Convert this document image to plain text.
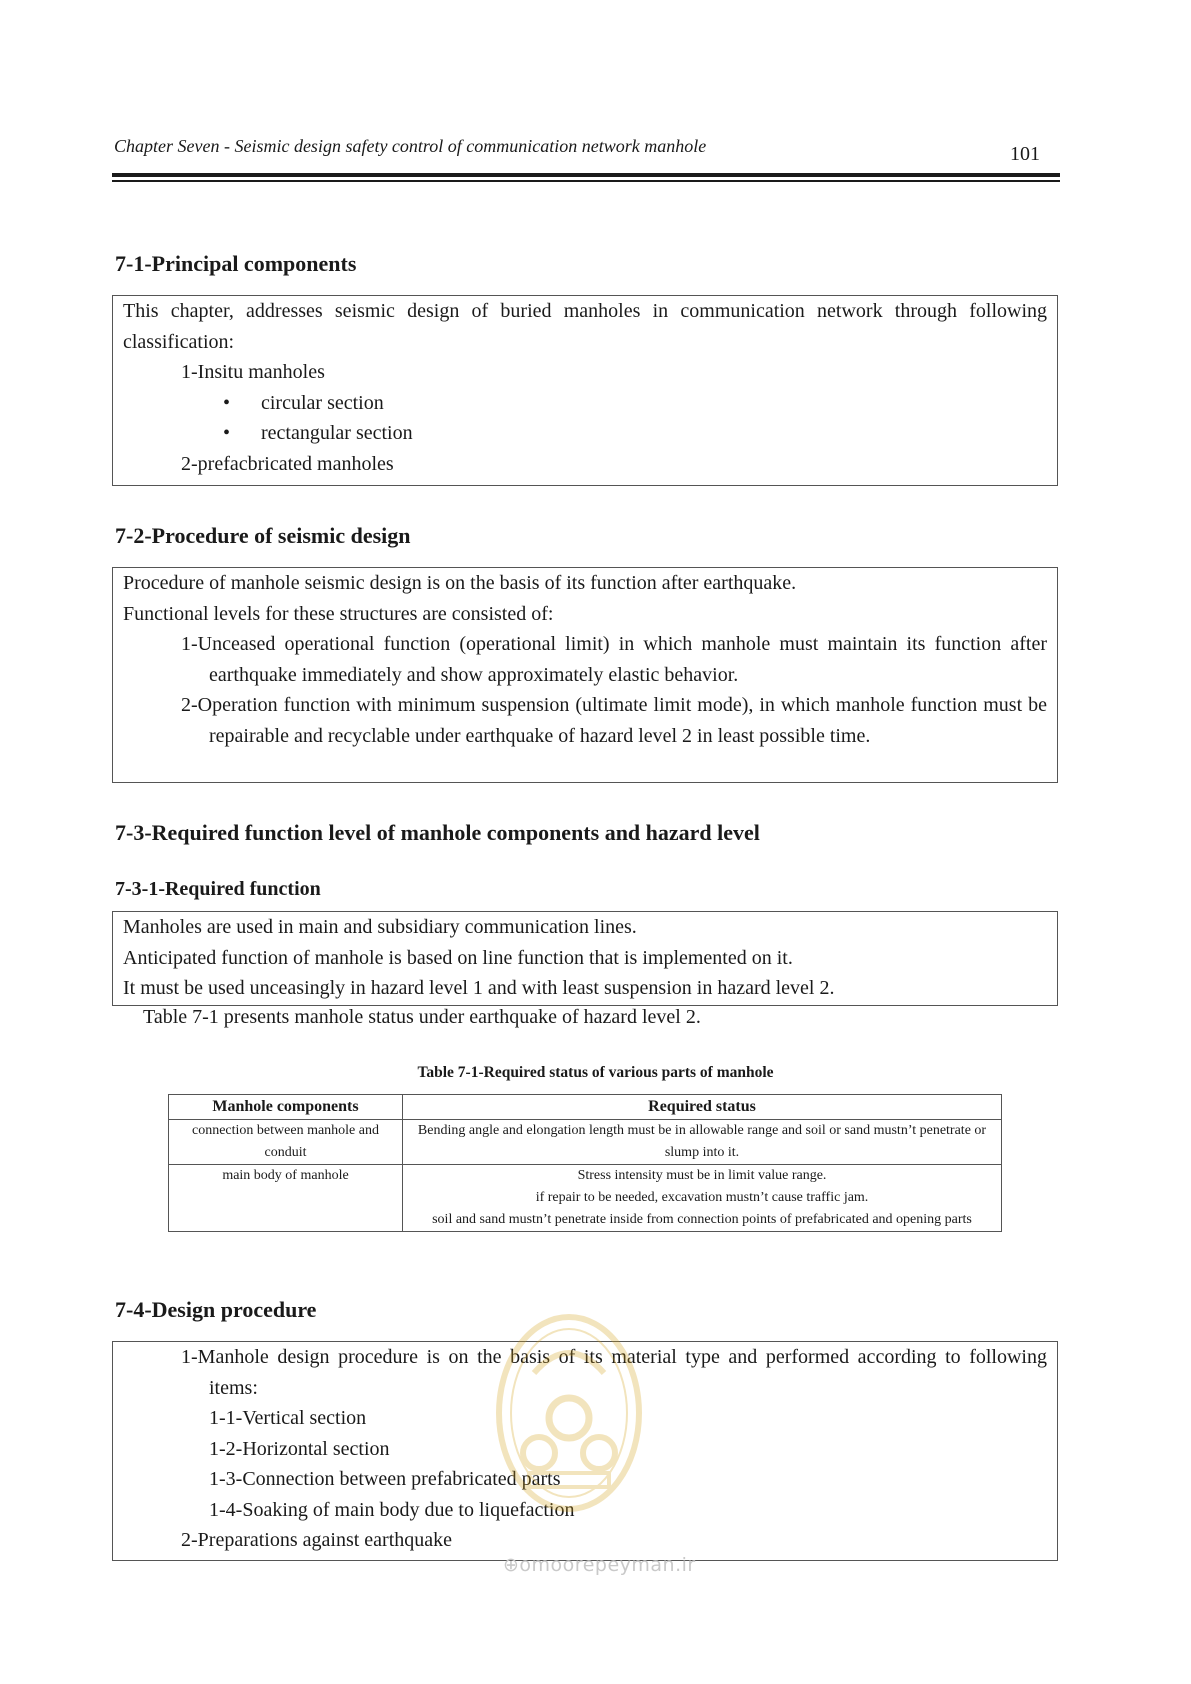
Chapter Seven - Seismic design safety control of communication network manhole	101
7-1-Principal components

This chapter, addresses seismic design of buried manholes in communication network through following classification:

1-Insitu manholes

• circular section

• rectangular section

2-prefacbricated manholes

7-2-Procedure of seismic design

Procedure of manhole seismic design is on the basis of its function after earthquake.

Functional levels for these structures are consisted of:

1-Unceased operational function (operational limit) in which manhole must maintain its function after earthquake immediately and show approximately elastic behavior.

2-Operation function with minimum suspension (ultimate limit mode), in which manhole function must be repairable and recyclable under earthquake of hazard level 2 in least possible time.

7-3-Required function level of manhole components and hazard level
7-3-1-Required function

Manholes are used in main and subsidiary communication lines.

Anticipated function of manhole is based on line function that is implemented on it.

It must be used unceasingly in hazard level 1 and with least suspension in hazard level 2.

Table 7-1 presents manhole status under earthquake of hazard level 2.
Table 7-1-Required status of various parts of manhole
Manhole components	Required status
connection between manhole and conduit	Bending angle and elongation length must be in allowable range and soil or sand mustn’t penetrate or slump into it.

main body of manhole	Stress intensity must be in limit value range.
if repair to be needed, excavation mustn’t cause traffic jam.
soil and sand mustn’t penetrate inside from connection points of prefabricated and opening parts
7-4-Design procedure

1-Manhole design procedure is on the basis of its material type and performed according to following items:

1-1-Vertical section

1-2-Horizontal section

1-3-Connection between prefabricated parts

1-4-Soaking of main body due to liquefaction

2-Preparations against earthquake

⊕omoorepeyman.ir
